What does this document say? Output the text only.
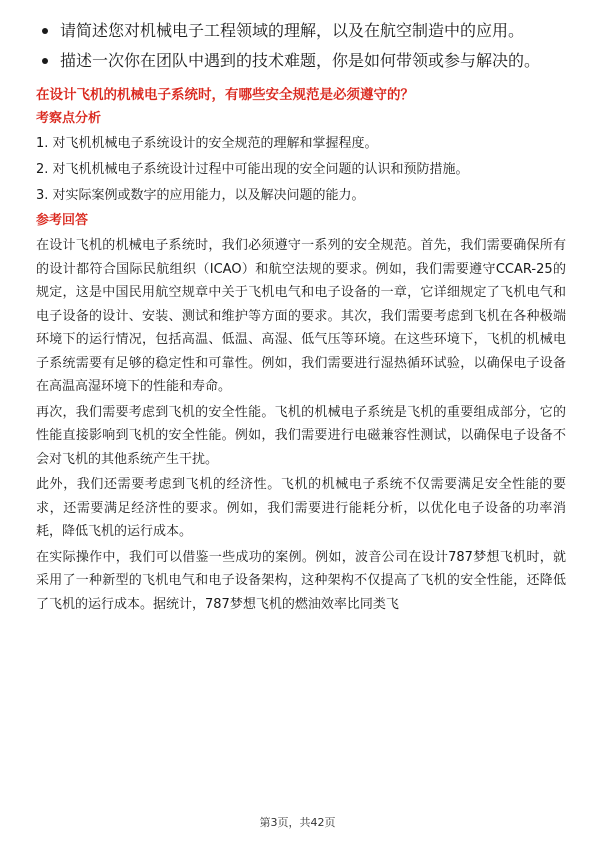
请简述您对机械电子工程领域的理解，以及在航空制造中的应用。
描述一次你在团队中遇到的技术难题，你是如何带领或参与解决的。
在设计飞机的机械电子系统时，有哪些安全规范是必须遵守的？
考察点分析
1. 对飞机机械电子系统设计的安全规范的理解和掌握程度。
2. 对飞机机械电子系统设计过程中可能出现的安全问题的认识和预防措施。
3. 对实际案例或数字的应用能力，以及解决问题的能力。
参考回答

在设计飞机的机械电子系统时，我们必须遵守一系列的安全规范。首先，我们需要确保所有的设计都符合国际民航组织（ICAO）和航空法规的要求。例如，我们需要遵守CCAR-25的规定，这是中国民用航空规章中关于飞机电气和电子设备的一章，它详细规定了飞机电气和电子设备的设计、安装、测试和维护等方面的要求。其次，我们需要考虑到飞机在各种极端环境下的运行情况，包括高温、低温、高湿、低气压等环境。在这些环境下，飞机的机械电子系统需要有足够的稳定性和可靠性。例如，我们需要进行湿热循环试验，以确保电子设备在高温高湿环境下的性能和寿命。

再次，我们需要考虑到飞机的安全性能。飞机的机械电子系统是飞机的重要组成部分，它的性能直接影响到飞机的安全性能。例如，我们需要进行电磁兼容性测试，以确保电子设备不会对飞机的其他系统产生干扰。

此外，我们还需要考虑到飞机的经济性。飞机的机械电子系统不仅需要满足安全性能的要求，还需要满足经济性的要求。例如，我们需要进行能耗分析，以优化电子设备的功率消耗，降低飞机的运行成本。

在实际操作中，我们可以借鉴一些成功的案例。例如，波音公司在设计787梦想飞机时，就采用了一种新型的飞机电气和电子设备架构，这种架构不仅提高了飞机的安全性能，还降低了飞机的运行成本。据统计，787梦想飞机的燃油效率比同类飞

第3页，共42页
